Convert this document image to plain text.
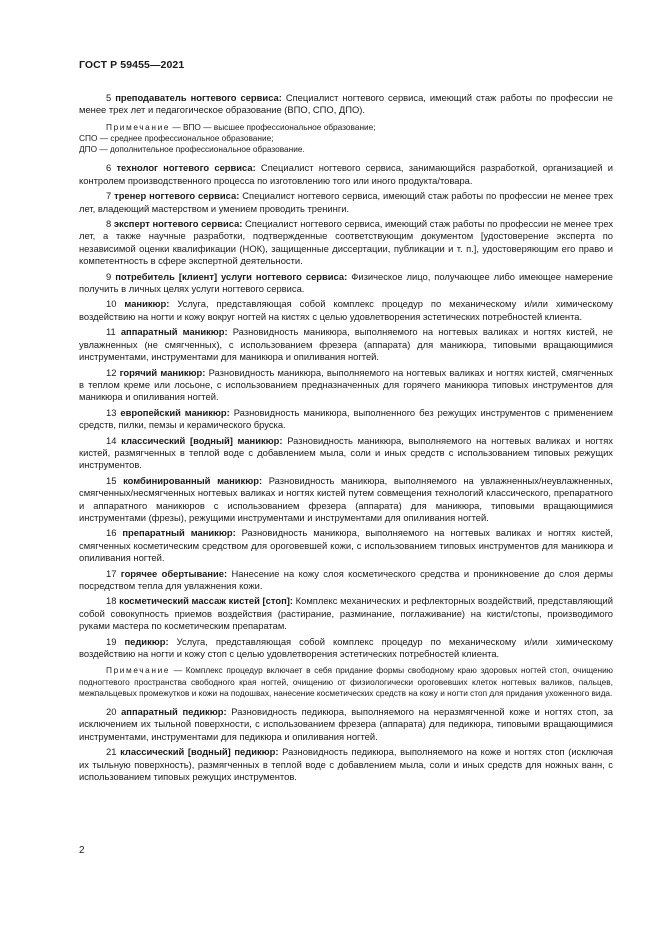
ГОСТ Р 59455—2021

5 преподаватель ногтевого сервиса: Специалист ногтевого сервиса, имеющий стаж работы по профессии не менее трех лет и педагогическое образование (ВПО, СПО, ДПО).

Примечание — ВПО — высшее профессиональное образование;

СПО — среднее профессиональное образование;

ДПО — дополнительное профессиональное образование.

6 технолог ногтевого сервиса: Специалист ногтевого сервиса, занимающийся разработкой, организацией и контролем производственного процесса по изготовлению того или иного продукта/товара.

7 тренер ногтевого сервиса: Специалист ногтевого сервиса, имеющий стаж работы по профессии не менее трех лет, владеющий мастерством и умением проводить тренинги.

8 эксперт ногтевого сервиса: Специалист ногтевого сервиса, имеющий стаж работы по профессии не менее трех лет, а также научные разработки, подтвержденные соответствующим документом [удостоверение эксперта по независимой оценки квалификации (НОК), защищенные диссертации, публикации и т. п.], удостоверяющим его право и компетентность в сфере экспертной деятельности.

9 потребитель [клиент] услуги ногтевого сервиса: Физическое лицо, получающее либо имеющее намерение получить в личных целях услуги ногтевого сервиса.

10 маникюр: Услуга, представляющая собой комплекс процедур по механическому и/или химическому воздействию на ногти и кожу вокруг ногтей на кистях с целью удовлетворения эстетических потребностей клиента.

11 аппаратный маникюр: Разновидность маникюра, выполняемого на ногтевых валиках и ногтях кистей, не увлажненных (не смягченных), с использованием фрезера (аппарата) для маникюра, типовыми вращающимися инструментами, инструментами для маникюра и опиливания ногтей.

12 горячий маникюр: Разновидность маникюра, выполняемого на ногтевых валиках и ногтях кистей, смягченных в теплом креме или лосьоне, с использованием предназначенных для горячего маникюра типовых инструментов для маникюра и опиливания ногтей.

13 европейский маникюр: Разновидность маникюра, выполненного без режущих инструментов с применением средств, пилки, пемзы и керамического бруска.

14 классический [водный] маникюр: Разновидность маникюра, выполняемого на ногтевых валиках и ногтях кистей, размягченных в теплой воде с добавлением мыла, соли и иных средств с использованием типовых режущих инструментов.

15 комбинированный маникюр: Разновидность маникюра, выполняемого на увлажненных/неувлажненных, смягченных/несмягченных ногтевых валиках и ногтях кистей путем совмещения технологий классического, препаратного и аппаратного маникюров с использованием фрезера (аппарата) для маникюра, типовыми вращающимися инструментами (фрезы), режущими инструментами и инструментами для опиливания ногтей.

16 препаратный маникюр: Разновидность маникюра, выполняемого на ногтевых валиках и ногтях кистей, смягченных косметическим средством для ороговевшей кожи, с использованием типовых инструментов для маникюра и опиливания ногтей.

17 горячее обертывание: Нанесение на кожу слоя косметического средства и проникновение до слоя дермы посредством тепла для увлажнения кожи.

18 косметический массаж кистей [стоп]: Комплекс механических и рефлекторных воздействий, представляющий собой совокупность приемов воздействия (растирание, разминание, поглаживание) на кисти/стопы, производимого руками мастера по косметическим препаратам.

19 педикюр: Услуга, представляющая собой комплекс процедур по механическому и/или химическому воздействию на ногти и кожу стоп с целью удовлетворения эстетических потребностей клиента.

Примечание — Комплекс процедур включает в себя придание формы свободному краю здоровых ногтей стоп, очищению подногтевого пространства свободного края ногтей, очищению от физиологически ороговевших клеток ногтевых валиков, пальцев, межпальцевых промежутков и кожи на подошвах, нанесение косметических средств на кожу и ногти стоп для придания ухоженного вида.

20 аппаратный педикюр: Разновидность педикюра, выполняемого на неразмягченной коже и ногтях стоп, за исключением их тыльной поверхности, с использованием фрезера (аппарата) для педикюра, типовыми вращающимися инструментами, инструментами для педикюра и опиливания ногтей.

21 классический [водный] педикюр: Разновидность педикюра, выполняемого на коже и ногтях стоп (исключая их тыльную поверхность), размягченных в теплой воде с добавлением мыла, соли и иных средств для ножных ванн, с использованием типовых режущих инструментов.

2
